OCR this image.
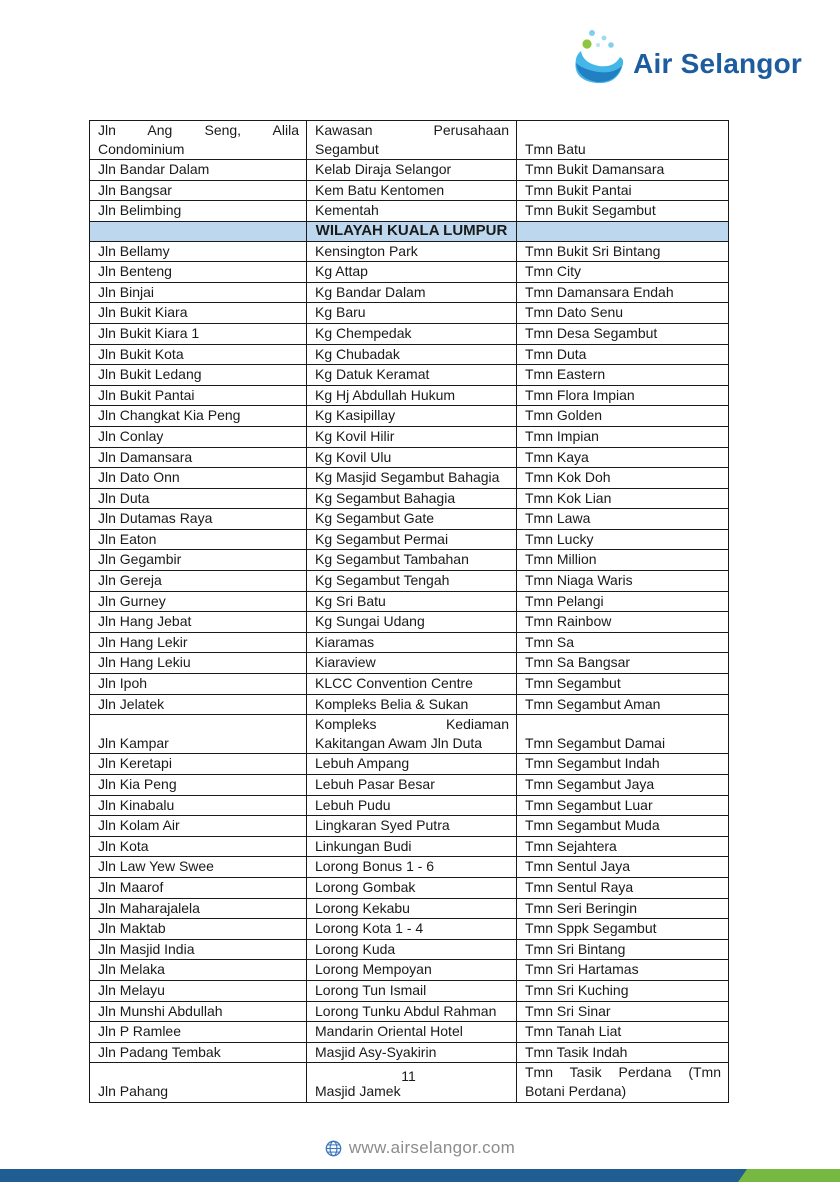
Air Selangor
Jln Ang Seng, Alila Condominium	Kawasan Perusahaan Segambut	Tmn Batu
Jln Bandar Dalam	Kelab Diraja Selangor	Tmn Bukit Damansara
Jln Bangsar	Kem Batu Kentomen	Tmn Bukit Pantai
Jln Belimbing	Kementah	Tmn Bukit Segambut
	WILAYAH KUALA LUMPUR	
Jln Bellamy	Kensington Park	Tmn Bukit Sri Bintang
Jln Benteng	Kg Attap	Tmn City
Jln Binjai	Kg Bandar Dalam	Tmn Damansara Endah
Jln Bukit Kiara	Kg Baru	Tmn Dato Senu
Jln Bukit Kiara 1	Kg Chempedak	Tmn Desa Segambut
Jln Bukit Kota	Kg Chubadak	Tmn Duta
Jln Bukit Ledang	Kg Datuk Keramat	Tmn Eastern
Jln Bukit Pantai	Kg Hj Abdullah Hukum	Tmn Flora Impian
Jln Changkat Kia Peng	Kg Kasipillay	Tmn Golden
Jln Conlay	Kg Kovil Hilir	Tmn Impian
Jln Damansara	Kg Kovil Ulu	Tmn Kaya
Jln Dato Onn	Kg Masjid Segambut Bahagia	Tmn Kok Doh
Jln Duta	Kg Segambut Bahagia	Tmn Kok Lian
Jln Dutamas Raya	Kg Segambut Gate	Tmn Lawa
Jln Eaton	Kg Segambut Permai	Tmn Lucky
Jln Gegambir	Kg Segambut Tambahan	Tmn Million
Jln Gereja	Kg Segambut Tengah	Tmn Niaga Waris
Jln Gurney	Kg Sri Batu	Tmn Pelangi
Jln Hang Jebat	Kg Sungai Udang	Tmn Rainbow
Jln Hang Lekir	Kiaramas	Tmn Sa
Jln Hang Lekiu	Kiaraview	Tmn Sa Bangsar
Jln Ipoh	KLCC Convention Centre	Tmn Segambut
Jln Jelatek	Kompleks Belia & Sukan	Tmn Segambut Aman
Jln Kampar	Kompleks Kediaman Kakitangan Awam Jln Duta	Tmn Segambut Damai
Jln Keretapi	Lebuh Ampang	Tmn Segambut Indah
Jln Kia Peng	Lebuh Pasar Besar	Tmn Segambut Jaya
Jln Kinabalu	Lebuh Pudu	Tmn Segambut Luar
Jln Kolam Air	Lingkaran Syed Putra	Tmn Segambut Muda
Jln Kota	Linkungan Budi	Tmn Sejahtera
Jln Law Yew Swee	Lorong Bonus 1 - 6	Tmn Sentul Jaya
Jln Maarof	Lorong Gombak	Tmn Sentul Raya
Jln Maharajalela	Lorong Kekabu	Tmn Seri Beringin
Jln Maktab	Lorong Kota 1 - 4	Tmn Sppk Segambut
Jln Masjid India	Lorong Kuda	Tmn Sri Bintang
Jln Melaka	Lorong Mempoyan	Tmn Sri Hartamas
Jln Melayu	Lorong Tun Ismail	Tmn Sri Kuching
Jln Munshi Abdullah	Lorong Tunku Abdul Rahman	Tmn Sri Sinar
Jln P Ramlee	Mandarin Oriental Hotel	Tmn Tanah Liat
Jln Padang Tembak	Masjid Asy-Syakirin	Tmn Tasik Indah
Jln Pahang	Masjid Jamek	Tmn Tasik Perdana (Tmn Botani Perdana)
11
www.airselangor.com
